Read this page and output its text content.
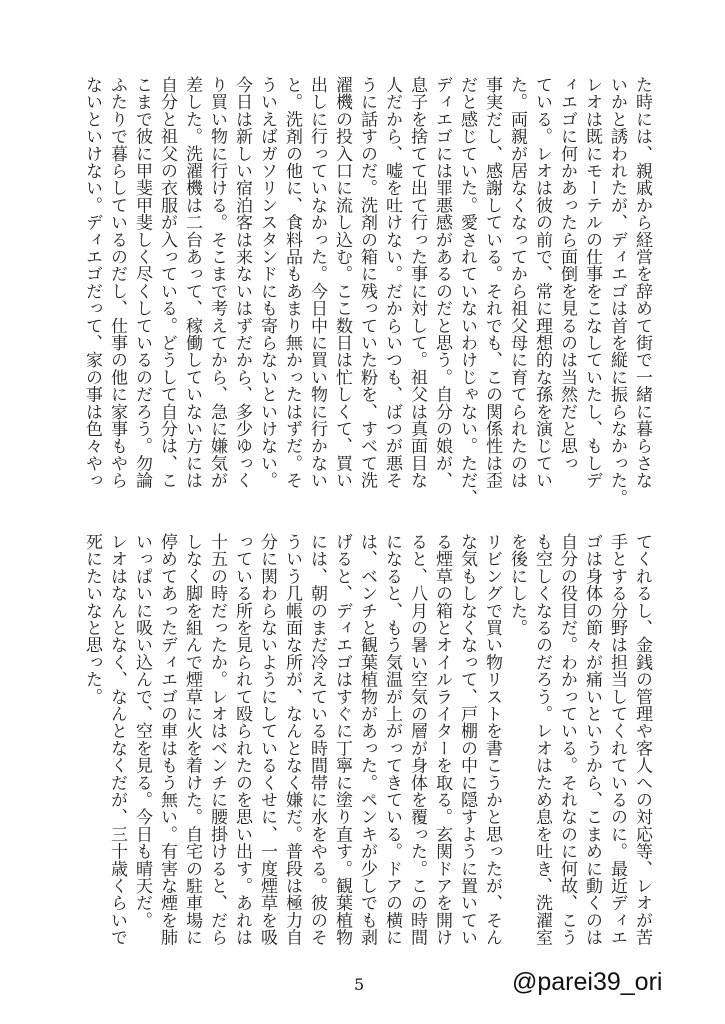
た時には、親戚から経営を辞めて街で一緒に暮らさな
いかと誘われたが、ディエゴは首を縦に振らなかった。
レオは既にモーテルの仕事をこなしていたし、もしデ
ィエゴに何かあったら面倒を見るのは当然だと思っ
ている。レオは彼の前で、常に理想的な孫を演じてい
た。両親が居なくなってから祖父母に育てられたのは
事実だし、感謝している。それでも、この関係性は歪
だと感じていた。愛されていないわけじゃない。ただ、
ディエゴには罪悪感があるのだと思う。自分の娘が、
息子を捨てて出て行った事に対して。祖父は真面目な
人だから、嘘を吐けない。だからいつも、ばつが悪そ
うに話すのだ。洗剤の箱に残っていた粉を、すべて洗
濯機の投入口に流し込む。ここ数日は忙しくて、買い
出しに行っていなかった。今日中に買い物に行かない
と。洗剤の他に、食料品もあまり無かったはずだ。そ
ういえばガソリンスタンドにも寄らないといけない。
今日は新しい宿泊客は来ないはずだから、多少ゆっく
り買い物に行ける。そこまで考えてから、急に嫌気が
差した。洗濯機は二台あって、稼働していない方には
自分と祖父の衣服が入っている。どうして自分は、こ
こまで彼に甲斐甲斐しく尽くしているのだろう。勿論
ふたりで暮らしているのだし、仕事の他に家事もやら
ないといけない。ディエゴだって、家の事は色々やっ
てくれるし、金銭の管理や客人への対応等、レオが苦
手とする分野は担当してくれているのに。最近ディエ
ゴは身体の節々が痛いというから、こまめに動くのは
自分の役目だ。わかっている。それなのに何故、こう
も空しくなるのだろう。レオはため息を吐き、洗濯室
を後にした。
リビングで買い物リストを書こうかと思ったが、そん
な気もしなくなって、戸棚の中に隠すように置いてい
る煙草の箱とオイルライターを取る。玄関ドアを開け
ると、八月の暑い空気の層が身体を覆った。この時間
になると、もう気温が上がってきている。ドアの横に
は、ベンチと観葉植物があった。ペンキが少しでも剥
げると、ディエゴはすぐに丁寧に塗り直す。観葉植物
には、朝のまだ冷えている時間帯に水をやる。彼のそ
ういう几帳面な所が、なんとなく嫌だ。普段は極力自
分に関わらないようにしているくせに、一度煙草を吸
っている所を見られて殴られたのを思い出す。あれは
十五の時だったか。レオはベンチに腰掛けると、だら
しなく脚を組んで煙草に火を着けた。自宅の駐車場に
停めてあったディエゴの車はもう無い。有害な煙を肺
いっぱいに吸い込んで、空を見る。今日も晴天だ。
レオはなんとなく、なんとなくだが、三十歳くらいで
死にたいなと思った。
5	@parei39_ori
